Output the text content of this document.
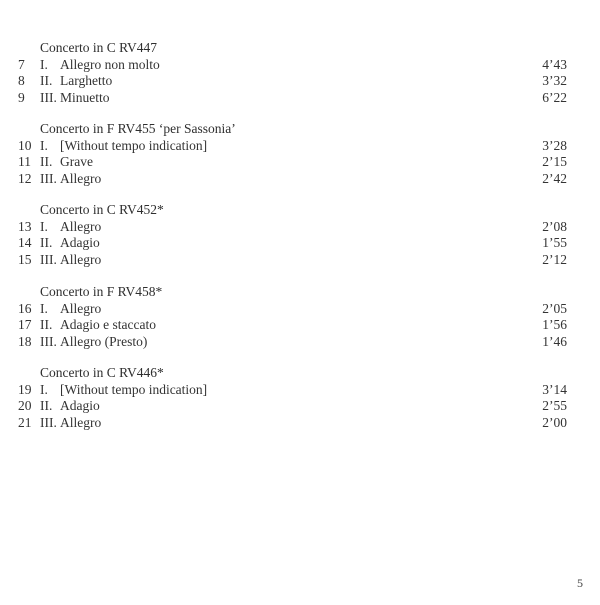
Concerto in C RV447
7 I. Allegro non molto	4’43
8 II. Larghetto	3’32
9 III. Minuetto	6’22
Concerto in F RV455 ‘per Sassonia’
10 I. [Without tempo indication]	3’28
11 II. Grave	2’15
12 III. Allegro	2’42
Concerto in C RV452*
13 I. Allegro	2’08
14 II. Adagio	1’55
15 III. Allegro	2’12
Concerto in F RV458*
16 I. Allegro	2’05
17 II. Adagio e staccato	1’56
18 III. Allegro (Presto)	1’46
Concerto in C RV446*
19 I. [Without tempo indication]	3’14
20 II. Adagio	2’55
21 III. Allegro	2’00
5
